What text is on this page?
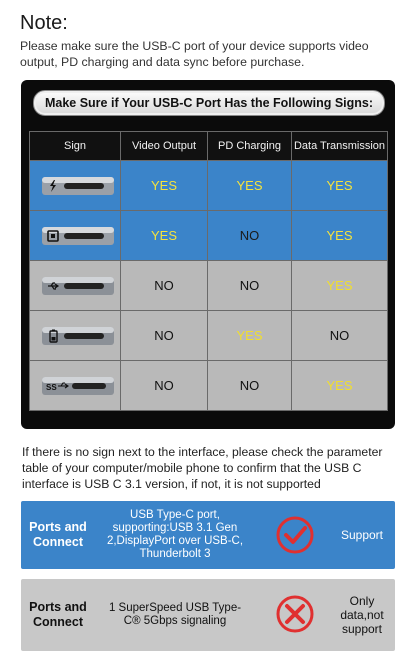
Note:
Please make sure the USB-C port of your device supports video output, PD charging and data sync before purchase.
Make Sure if Your USB-C Port Has the Following Signs:
Sign	Video Output	PD Charging	Data Transmission

	YES	YES	YES

	YES	NO	YES

	NO	NO	YES

	NO	YES	NO

SS	NO	NO	YES
If there is no sign next to the interface, please check the parameter table of your computer/mobile phone to confirm that the USB C interface is USB C 3.1 version, if not, it is not supported
Ports and Connect
USB Type-C port, supporting:USB 3.1 Gen 2,DisplayPort over USB-C, Thunderbolt 3
Support
Ports and Connect
1 SuperSpeed USB Type-C® 5Gbps signaling
Only data,not support
